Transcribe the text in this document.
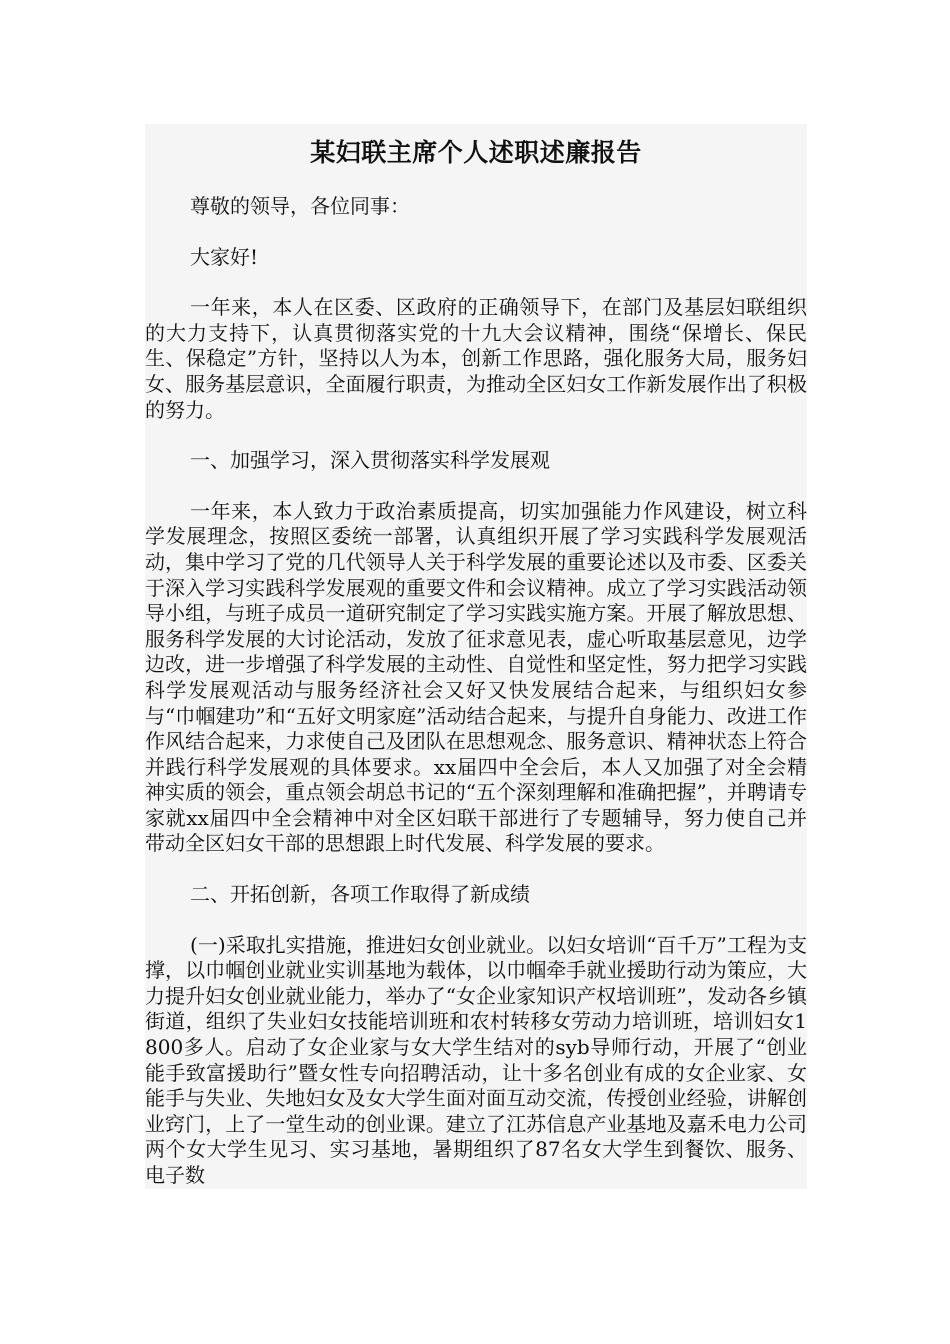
某妇联主席个人述职述廉报告

尊敬的领导，各位同事：

大家好!

一年来，本人在区委、区政府的正确领导下，在部门及基层妇联组织的大力支持下，认真贯彻落实党的十九大会议精神，围绕“保增长、保民生、保稳定”方针，坚持以人为本，创新工作思路，强化服务大局，服务妇女、服务基层意识，全面履行职责，为推动全区妇女工作新发展作出了积极的努力。

一、加强学习，深入贯彻落实科学发展观

一年来，本人致力于政治素质提高，切实加强能力作风建设，树立科学发展理念，按照区委统一部署，认真组织开展了学习实践科学发展观活动，集中学习了党的几代领导人关于科学发展的重要论述以及市委、区委关于深入学习实践科学发展观的重要文件和会议精神。成立了学习实践活动领导小组，与班子成员一道研究制定了学习实践实施方案。开展了解放思想、服务科学发展的大讨论活动，发放了征求意见表，虚心听取基层意见，边学边改，进一步增强了科学发展的主动性、自觉性和坚定性，努力把学习实践科学发展观活动与服务经济社会又好又快发展结合起来，与组织妇女参与“巾帼建功”和“五好文明家庭”活动结合起来，与提升自身能力、改进工作作风结合起来，力求使自己及团队在思想观念、服务意识、精神状态上符合并践行科学发展观的具体要求。xx届四中全会后，本人又加强了对全会精神实质的领会，重点领会胡总书记的“五个深刻理解和准确把握”，并聘请专家就xx届四中全会精神中对全区妇联干部进行了专题辅导，努力使自己并带动全区妇女干部的思想跟上时代发展、科学发展的要求。

二、开拓创新，各项工作取得了新成绩

(一)采取扎实措施，推进妇女创业就业。以妇女培训“百千万”工程为支撑，以巾帼创业就业实训基地为载体，以巾帼牵手就业援助行动为策应，大力提升妇女创业就业能力，举办了“女企业家知识产权培训班”，发动各乡镇街道，组织了失业妇女技能培训班和农村转移女劳动力培训班，培训妇女1800多人。启动了女企业家与女大学生结对的syb导师行动，开展了“创业能手致富援助行”暨女性专向招聘活动，让十多名创业有成的女企业家、女能手与失业、失地妇女及女大学生面对面互动交流，传授创业经验，讲解创业窍门，上了一堂生动的创业课。建立了江苏信息产业基地及嘉禾电力公司两个女大学生见习、实习基地，暑期组织了87名女大学生到餐饮、服务、电子数
